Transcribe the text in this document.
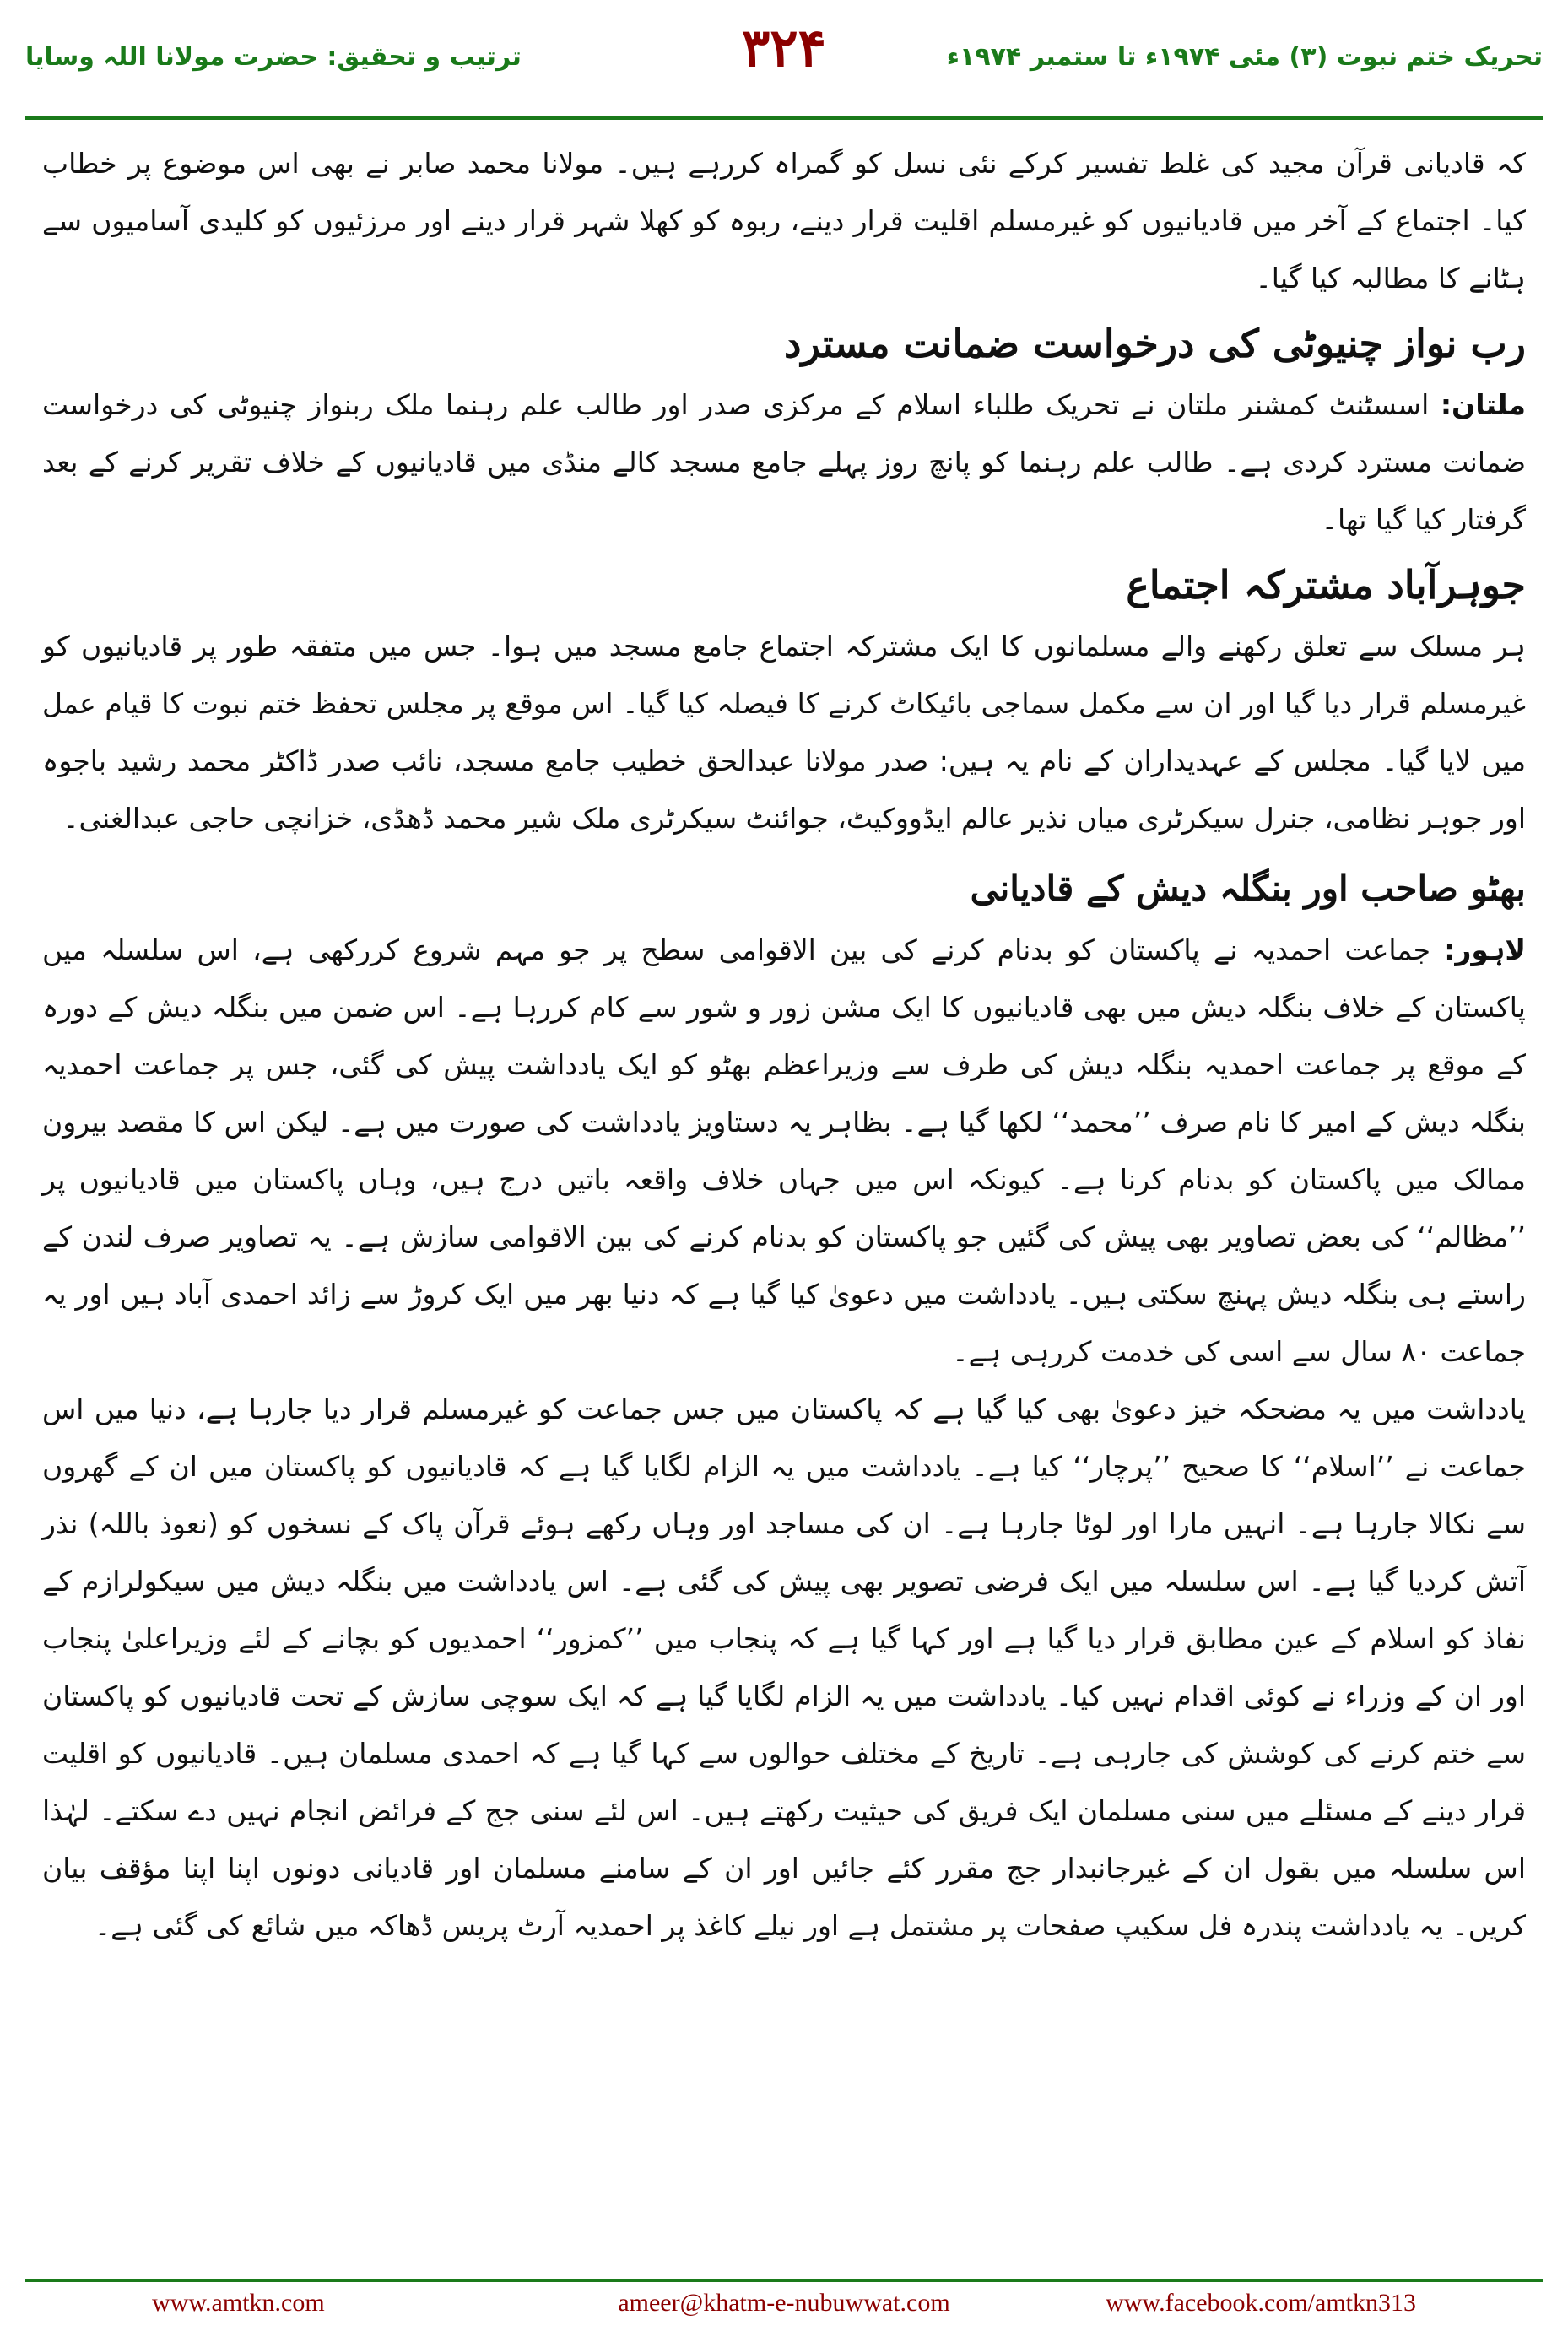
ترتیب و تحقیق: حضرت مولانا اللہ وسایا	۳۲۴	تحریک ختم نبوت (۳) مئی ۱۹۷۴ء تا ستمبر ۱۹۷۴ء

کہ قادیانی قرآن مجید کی غلط تفسیر کرکے نئی نسل کو گمراہ کررہے ہیں۔ مولانا محمد صابر نے بھی اس موضوع پر خطاب کیا۔ اجتماع کے آخر میں قادیانیوں کو غیرمسلم اقلیت قرار دینے، ربوہ کو کھلا شہر قرار دینے اور مرزئیوں کو کلیدی آسامیوں سے ہٹانے کا مطالبہ کیا گیا۔

رب نواز چنیوٹی کی درخواست ضمانت مسترد

ملتان: اسسٹنٹ کمشنر ملتان نے تحریک طلباء اسلام کے مرکزی صدر اور طالب علم رہنما ملک ربنواز چنیوٹی کی درخواست ضمانت مسترد کردی ہے۔ طالب علم رہنما کو پانچ روز پہلے جامع مسجد کالے منڈی میں قادیانیوں کے خلاف تقریر کرنے کے بعد گرفتار کیا گیا تھا۔

جوہرآباد مشترکہ اجتماع

ہر مسلک سے تعلق رکھنے والے مسلمانوں کا ایک مشترکہ اجتماع جامع مسجد میں ہوا۔ جس میں متفقہ طور پر قادیانیوں کو غیرمسلم قرار دیا گیا اور ان سے مکمل سماجی بائیکاٹ کرنے کا فیصلہ کیا گیا۔ اس موقع پر مجلس تحفظ ختم نبوت کا قیام عمل میں لایا گیا۔ مجلس کے عہدیداران کے نام یہ ہیں: صدر مولانا عبدالحق خطیب جامع مسجد، نائب صدر ڈاکٹر محمد رشید باجوہ اور جوہر نظامی، جنرل سیکرٹری میاں نذیر عالم ایڈووکیٹ، جوائنٹ سیکرٹری ملک شیر محمد ڈھڈی، خزانچی حاجی عبدالغنی۔

بھٹو صاحب اور بنگلہ دیش کے قادیانی

لاہور: جماعت احمدیہ نے پاکستان کو بدنام کرنے کی بین الاقوامی سطح پر جو مہم شروع کررکھی ہے، اس سلسلہ میں پاکستان کے خلاف بنگلہ دیش میں بھی قادیانیوں کا ایک مشن زور و شور سے کام کررہا ہے۔ اس ضمن میں بنگلہ دیش کے دورہ کے موقع پر جماعت احمدیہ بنگلہ دیش کی طرف سے وزیراعظم بھٹو کو ایک یادداشت پیش کی گئی، جس پر جماعت احمدیہ بنگلہ دیش کے امیر کا نام صرف ’’محمد‘‘ لکھا گیا ہے۔ بظاہر یہ دستاویز یادداشت کی صورت میں ہے۔ لیکن اس کا مقصد بیرون ممالک میں پاکستان کو بدنام کرنا ہے۔ کیونکہ اس میں جہاں خلاف واقعہ باتیں درج ہیں، وہاں پاکستان میں قادیانیوں پر ’’مظالم‘‘ کی بعض تصاویر بھی پیش کی گئیں جو پاکستان کو بدنام کرنے کی بین الاقوامی سازش ہے۔ یہ تصاویر صرف لندن کے راستے ہی بنگلہ دیش پہنچ سکتی ہیں۔ یادداشت میں دعویٰ کیا گیا ہے کہ دنیا بھر میں ایک کروڑ سے زائد احمدی آباد ہیں اور یہ جماعت ۸۰ سال سے اسی کی خدمت کررہی ہے۔

یادداشت میں یہ مضحکہ خیز دعویٰ بھی کیا گیا ہے کہ پاکستان میں جس جماعت کو غیرمسلم قرار دیا جارہا ہے، دنیا میں اس جماعت نے ’’اسلام‘‘ کا صحیح ’’پرچار‘‘ کیا ہے۔ یادداشت میں یہ الزام لگایا گیا ہے کہ قادیانیوں کو پاکستان میں ان کے گھروں سے نکالا جارہا ہے۔ انہیں مارا اور لوٹا جارہا ہے۔ ان کی مساجد اور وہاں رکھے ہوئے قرآن پاک کے نسخوں کو (نعوذ باللہ) نذر آتش کردیا گیا ہے۔ اس سلسلہ میں ایک فرضی تصویر بھی پیش کی گئی ہے۔ اس یادداشت میں بنگلہ دیش میں سیکولرازم کے نفاذ کو اسلام کے عین مطابق قرار دیا گیا ہے اور کہا گیا ہے کہ پنجاب میں ’’کمزور‘‘ احمدیوں کو بچانے کے لئے وزیراعلیٰ پنجاب اور ان کے وزراء نے کوئی اقدام نہیں کیا۔ یادداشت میں یہ الزام لگایا گیا ہے کہ ایک سوچی سازش کے تحت قادیانیوں کو پاکستان سے ختم کرنے کی کوشش کی جارہی ہے۔ تاریخ کے مختلف حوالوں سے کہا گیا ہے کہ احمدی مسلمان ہیں۔ قادیانیوں کو اقلیت قرار دینے کے مسئلے میں سنی مسلمان ایک فریق کی حیثیت رکھتے ہیں۔ اس لئے سنی جج کے فرائض انجام نہیں دے سکتے۔ لہٰذا اس سلسلہ میں بقول ان کے غیرجانبدار جج مقرر کئے جائیں اور ان کے سامنے مسلمان اور قادیانی دونوں اپنا اپنا مؤقف بیان کریں۔ یہ یادداشت پندرہ فل سکیپ صفحات پر مشتمل ہے اور نیلے کاغذ پر احمدیہ آرٹ پریس ڈھاکہ میں شائع کی گئی ہے۔

www.amtkn.com	ameer@khatm-e-nubuwwat.com	www.facebook.com/amtkn313
